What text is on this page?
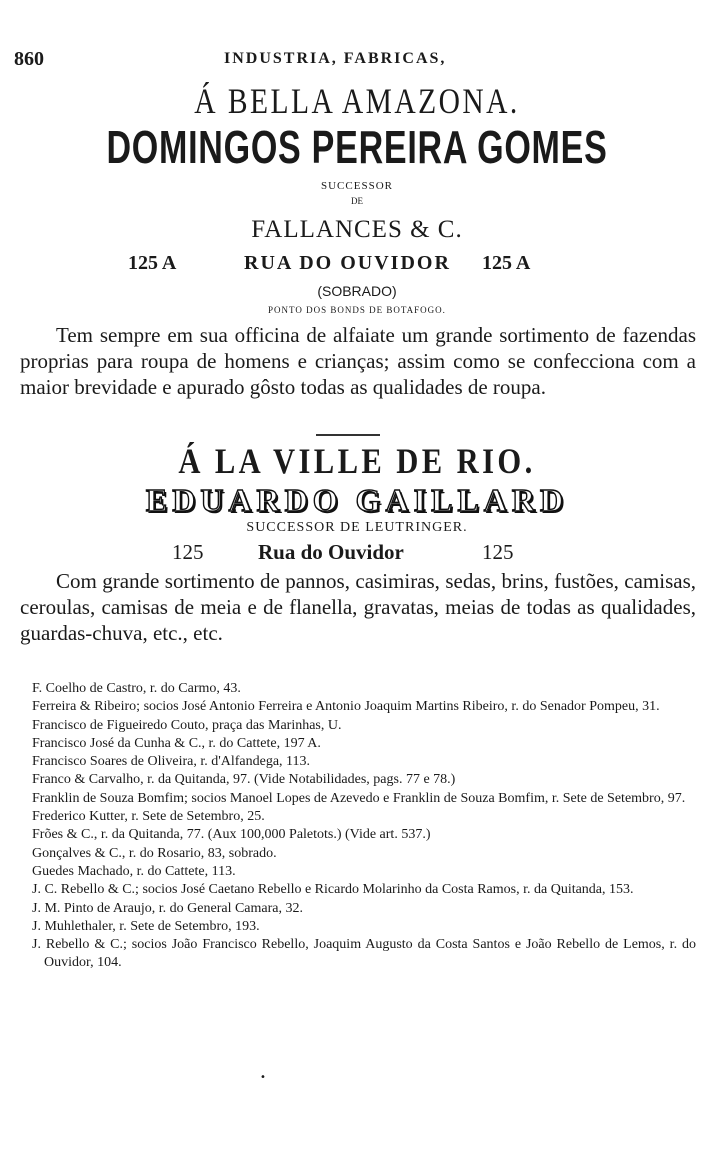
860	INDUSTRIA, FABRICAS,
Á BELLA AMAZONA.
DOMINGOS PEREIRA GOMES
SUCCESSOR
DE
FALLANCES & C.
125 A	RUA DO OUVIDOR 125 A
(SOBRADO)
PONTO DOS BONDS DE BOTAFOGO.

Tem sempre em sua officina de alfaiate um grande sortimento de fazendas proprias para roupa de homens e crianças; assim como se confecciona com a maior brevidade e apurado gôsto todas as qualidades de roupa.

Á LA VILLE DE RIO.
EDUARDO GAILLARD
SUCCESSOR DE LEUTRINGER.
125	Rua do Ouvidor	125

Com grande sortimento de pannos, casimiras, sedas, brins, fustões, camisas, ceroulas, camisas de meia e de flanella, gravatas, meias de todas as qualidades, guardas-chuva, etc., etc.

F. Coelho de Castro, r. do Carmo, 43.
Ferreira & Ribeiro; socios José Antonio Ferreira e Antonio Joaquim Martins Ribeiro, r. do Senador Pompeu, 31.
Francisco de Figueiredo Couto, praça das Marinhas, U.
Francisco José da Cunha & C., r. do Cattete, 197 A.
Francisco Soares de Oliveira, r. d'Alfandega, 113.
Franco & Carvalho, r. da Quitanda, 97. (Vide Notabilidades, pags. 77 e 78.)
Franklin de Souza Bomfim; socios Manoel Lopes de Azevedo e Franklin de Souza Bomfim, r. Sete de Setembro, 97.
Frederico Kutter, r. Sete de Setembro, 25.
Frões & C., r. da Quitanda, 77. (Aux 100,000 Paletots.) (Vide art. 537.)
Gonçalves & C., r. do Rosario, 83, sobrado.
Guedes Machado, r. do Cattete, 113.
J. C. Rebello & C.; socios José Caetano Rebello e Ricardo Molarinho da Costa Ramos, r. da Quitanda, 153.
J. M. Pinto de Araujo, r. do General Camara, 32.
J. Muhlethaler, r. Sete de Setembro, 193.
J. Rebello & C.; socios João Francisco Rebello, Joaquim Augusto da Costa Santos e João Rebello de Lemos, r. do Ouvidor, 104.
•
